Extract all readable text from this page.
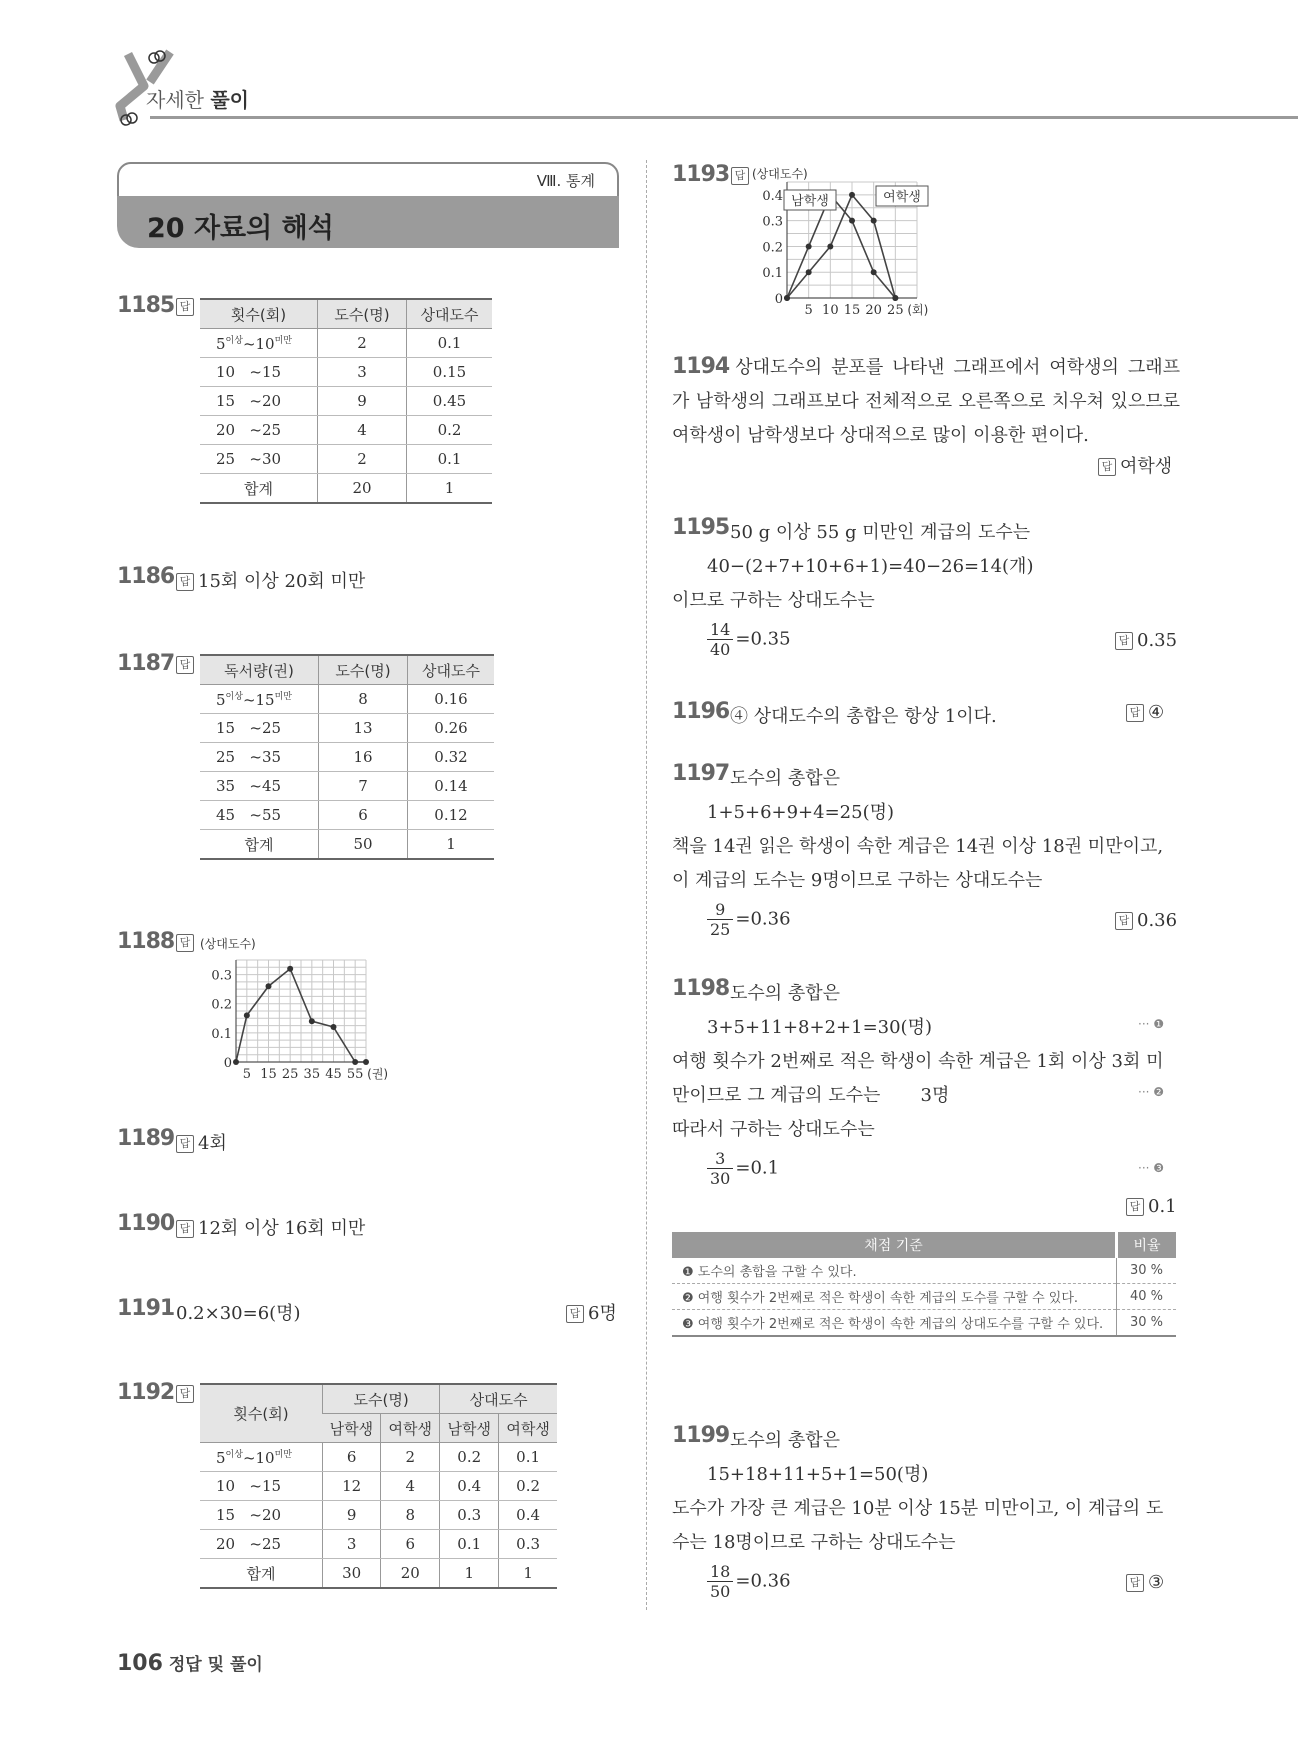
자세한 풀이
Ⅷ. 통계
20 자료의 해석
1185 답	횟수(회)	도수(명)	상대도수
$5^{이상}\sim 10^{미만}$	2	0.1
10 ~15	3	0.15
15 ~20	9	0.45
20 ~25	4	0.2
25 ~30	2	0.1
합계	20	1
1186 답 15회 이상 20회 미만
1187 답 독서량(권)	도수(명)	상대도수
$5^{이상}\sim 15^{미만}$	8	0.16
15 ~25	13	0.26
25 ~35	16	0.32
35 ~45	7	0.14
45 ~55	6	0.12
합계	50	1
1188 답
0.3
0.2
0.1
0
5 15 25 35 45 55 (권)
(상대도수)
1189 답 4회
1190 답 12회 이상 16회 미만
1191 0.2×30=6(명)	답 6명
1192 답
횟수(회)	도수(명)		상대도수	
	남학생	여학생	남학생	여학생
$5^{이상}\sim 10^{미만}$	6	2	0.2	0.1
10 ~15	12	4	0.4	0.2
15 ~20	9	8	0.3	0.4
20 ~25	3	6	0.1	0.3
합계	30	20	1	1
1193 답
0.4
0.3
0.2
0.1
0
5 10 15 20 25 (회)
(상대도수)
남학생	여학생
1194 상대도수의 분포를 나타낸 그래프에서 여학생의 그래프가 남학생의 그래프보다 전체적으로 오른쪽으로 치우쳐 있으므로 여학생이 남학생보다 상대적으로 많이 이용한 편이다.
답 여학생
1195 50 g 이상 55 g 미만인 계급의 도수는
40−(2+7+10+6+1)=40−26=14(개)
이므로 구하는 상대도수는
$\frac{14}{40} =0.35$	답 0.35
1196 ④ 상대도수의 총합은 항상 1이다.	답 ④
1197 도수의 총합은
1+5+6+9+4=25(명)
책을 14권 읽은 학생이 속한 계급은 14권 이상 18권 미만이고,
이 계급의 도수는 9명이므로 구하는 상대도수는
$\frac{9}{25} =0.36$	답 0.36
1198 도수의 총합은
3+5+11+8+2+1=30(명)	··· ❶
여행 횟수가 2번째로 적은 학생이 속한 계급은 1회 이상 3회 미
만이므로 그 계급의 도수는 3명	··· ❷
따라서 구하는 상대도수는
$\frac{3}{30} =0.1$	··· ❸
답 0.1
채점 기준	비율
❶ 도수의 총합을 구할 수 있다.	30 %
❷ 여행 횟수가 2번째로 적은 학생이 속한 계급의 도수를 구할 수 있다.	40 %
❸ 여행 횟수가 2번째로 적은 학생이 속한 계급의 상대도수를 구할 수 있다.	30 %
1199 도수의 총합은
15+18+11+5+1=50(명)
도수가 가장 큰 계급은 10분 이상 15분 미만이고, 이 계급의 도
수는 18명이므로 구하는 상대도수는
$\frac{18}{50} =0.36$	답 ③
106 정답 및 풀이
